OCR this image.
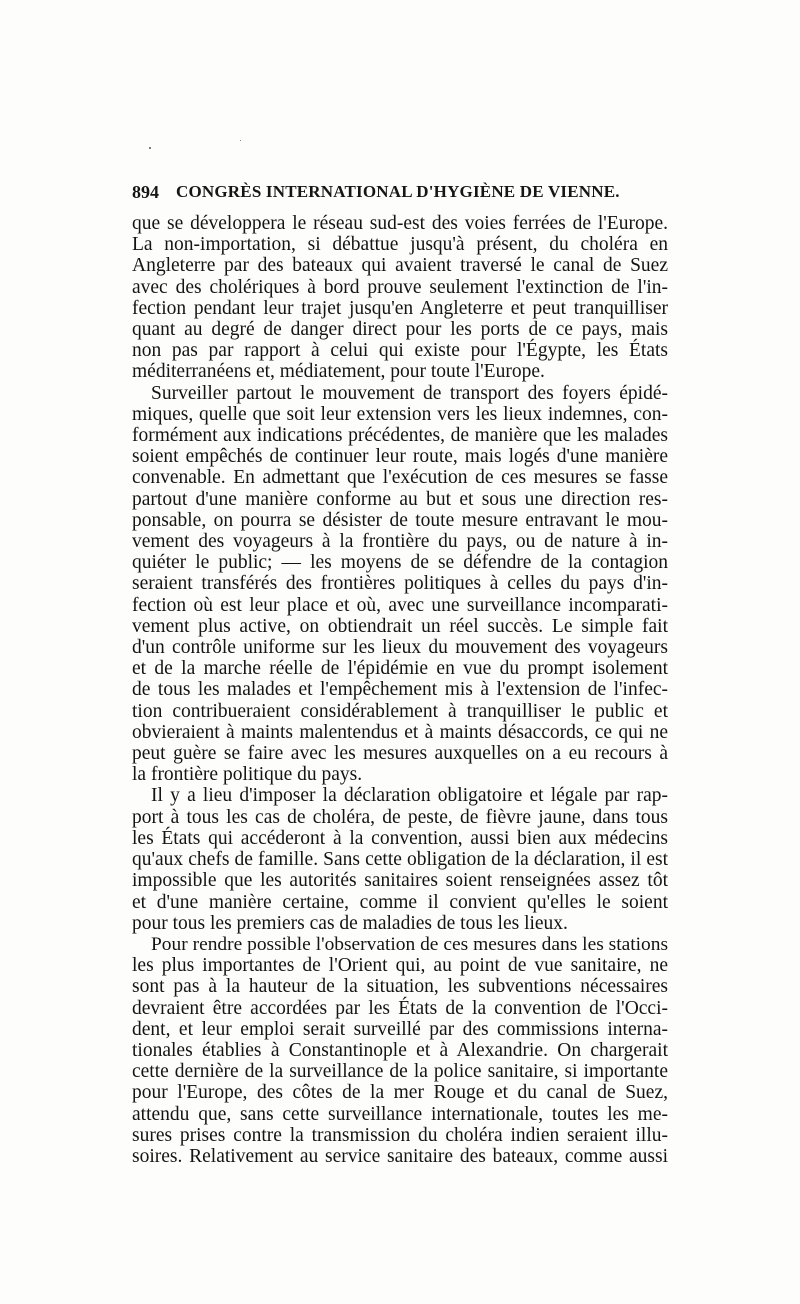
894 CONGRÈS INTERNATIONAL D'HYGIÈNE DE VIENNE.
que se développera le réseau sud-est des voies ferrées de l'Europe.
La non-importation, si débattue jusqu'à présent, du choléra en
Angleterre par des bateaux qui avaient traversé le canal de Suez
avec des cholériques à bord prouve seulement l'extinction de l'in-
fection pendant leur trajet jusqu'en Angleterre et peut tranquilliser
quant au degré de danger direct pour les ports de ce pays, mais
non pas par rapport à celui qui existe pour l'Égypte, les États
méditerranéens et, médiatement, pour toute l'Europe.
Surveiller partout le mouvement de transport des foyers épidé-
miques, quelle que soit leur extension vers les lieux indemnes, con-
formément aux indications précédentes, de manière que les malades
soient empêchés de continuer leur route, mais logés d'une manière
convenable. En admettant que l'exécution de ces mesures se fasse
partout d'une manière conforme au but et sous une direction res-
ponsable, on pourra se désister de toute mesure entravant le mou-
vement des voyageurs à la frontière du pays, ou de nature à in-
quiéter le public; — les moyens de se défendre de la contagion
seraient transférés des frontières politiques à celles du pays d'in-
fection où est leur place et où, avec une surveillance incomparati-
vement plus active, on obtiendrait un réel succès. Le simple fait
d'un contrôle uniforme sur les lieux du mouvement des voyageurs
et de la marche réelle de l'épidémie en vue du prompt isolement
de tous les malades et l'empêchement mis à l'extension de l'infec-
tion contribueraient considérablement à tranquilliser le public et
obvieraient à maints malentendus et à maints désaccords, ce qui ne
peut guère se faire avec les mesures auxquelles on a eu recours à
la frontière politique du pays.
Il y a lieu d'imposer la déclaration obligatoire et légale par rap-
port à tous les cas de choléra, de peste, de fièvre jaune, dans tous
les États qui accéderont à la convention, aussi bien aux médecins
qu'aux chefs de famille. Sans cette obligation de la déclaration, il est
impossible que les autorités sanitaires soient renseignées assez tôt
et d'une manière certaine, comme il convient qu'elles le soient
pour tous les premiers cas de maladies de tous les lieux.
Pour rendre possible l'observation de ces mesures dans les stations
les plus importantes de l'Orient qui, au point de vue sanitaire, ne
sont pas à la hauteur de la situation, les subventions nécessaires
devraient être accordées par les États de la convention de l'Occi-
dent, et leur emploi serait surveillé par des commissions interna-
tionales établies à Constantinople et à Alexandrie. On chargerait
cette dernière de la surveillance de la police sanitaire, si importante
pour l'Europe, des côtes de la mer Rouge et du canal de Suez,
attendu que, sans cette surveillance internationale, toutes les me-
sures prises contre la transmission du choléra indien seraient illu-
soires. Relativement au service sanitaire des bateaux, comme aussi
